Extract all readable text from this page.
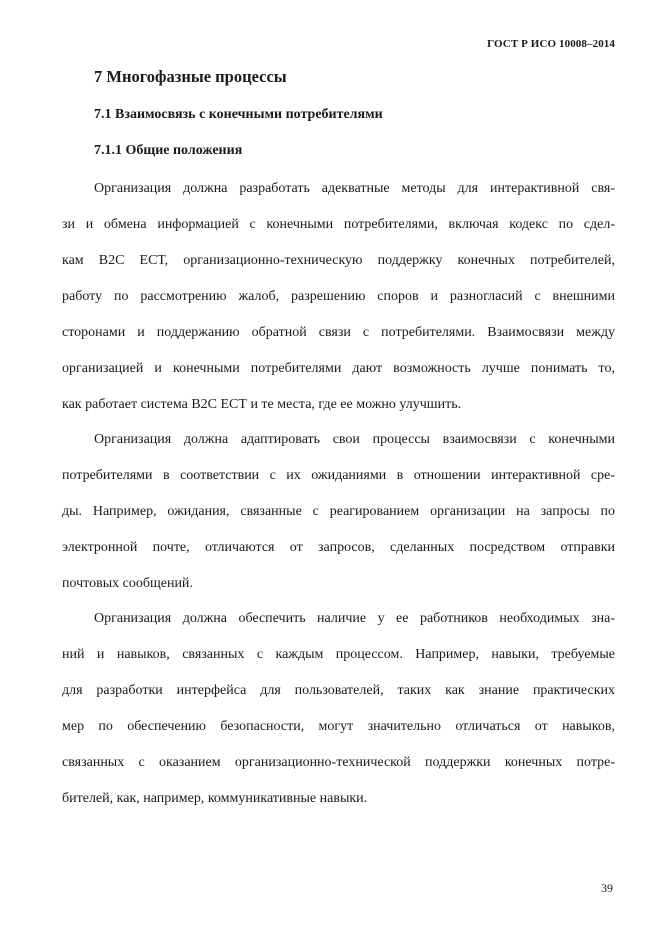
ГОСТ Р ИСО 10008–2014
7 Многофазные процессы
7.1 Взаимосвязь с конечными потребителями
7.1.1 Общие положения
Организация должна разработать адекватные методы для интерактивной свя-
зи и обмена информацией с конечными потребителями, включая кодекс по сдел-
кам В2С ЕСТ, организационно-техническую поддержку конечных потребителей,
работу по рассмотрению жалоб, разрешению споров и разногласий с внешними
сторонами и поддержанию обратной связи с потребителями. Взаимосвязи между
организацией и конечными потребителями дают возможность лучше понимать то,
как работает система В2С ЕСТ и те места, где ее можно улучшить.
Организация должна адаптировать свои процессы взаимосвязи с конечными
потребителями в соответствии с их ожиданиями в отношении интерактивной сре-
ды. Например, ожидания, связанные с реагированием организации на запросы по
электронной почте, отличаются от запросов, сделанных посредством отправки
почтовых сообщений.
Организация должна обеспечить наличие у ее работников необходимых зна-
ний и навыков, связанных с каждым процессом. Например, навыки, требуемые
для разработки интерфейса для пользователей, таких как знание практических
мер по обеспечению безопасности, могут значительно отличаться от навыков,
связанных с оказанием организационно-технической поддержки конечных потре-
бителей, как, например, коммуникативные навыки.
39
